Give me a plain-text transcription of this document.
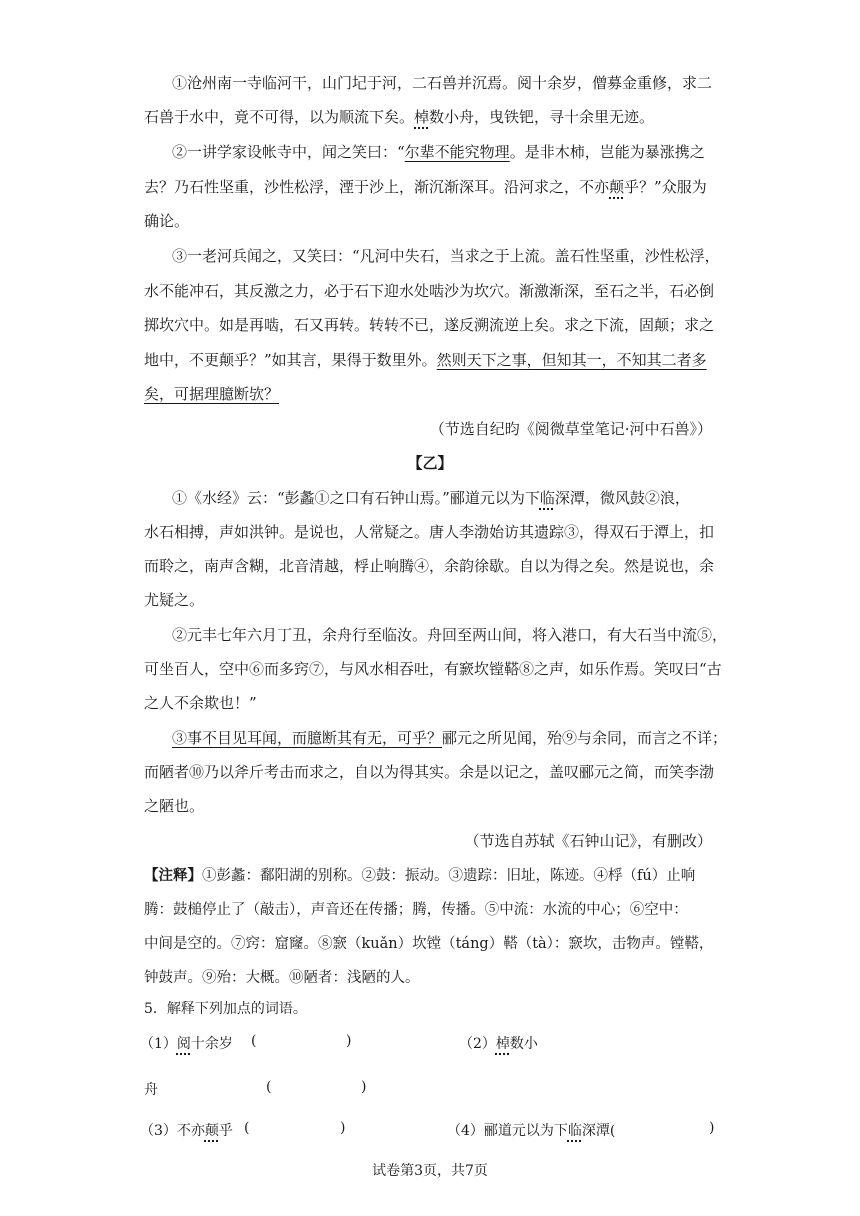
①沧州南一寺临河干，山门圮于河，二石兽并沉焉。阅十余岁，僧募金重修，求二
石兽于水中，竟不可得，以为顺流下矣。棹数小舟，曳铁钯，寻十余里无迹。
②一讲学家设帐寺中，闻之笑曰：“尔辈不能究物理。是非木柿，岂能为暴涨携之
去？乃石性坚重，沙性松浮，湮于沙上，渐沉渐深耳。沿河求之，不亦颠乎？”众服为
确论。
③一老河兵闻之，又笑曰：“凡河中失石，当求之于上流。盖石性坚重，沙性松浮，
水不能冲石，其反激之力，必于石下迎水处啮沙为坎穴。渐激渐深，至石之半，石必倒
掷坎穴中。如是再啮，石又再转。转转不已，遂反溯流逆上矣。求之下流，固颠；求之
地中，不更颠乎？”如其言，果得于数里外。然则天下之事，但知其一，不知其二者多
矣，可据理臆断欤？
（节选自纪昀《阅微草堂笔记·河中石兽》）
【乙】
①《水经》云：“彭蠡①之口有石钟山焉。”郦道元以为下临深潭，微风鼓②浪，
水石相搏，声如洪钟。是说也，人常疑之。唐人李渤始访其遗踪③，得双石于潭上，扣
而聆之，南声含糊，北音清越，桴止响腾④，余韵徐歇。自以为得之矣。然是说也，余
尤疑之。
②元丰七年六月丁丑，余舟行至临汝。舟回至两山间，将入港口，有大石当中流⑤，
可坐百人，空中⑥而多窍⑦，与风水相吞吐，有窾坎镗鞳⑧之声，如乐作焉。笑叹曰“古
之人不余欺也！”
③事不目见耳闻，而臆断其有无，可乎？郦元之所见闻，殆⑨与余同，而言之不详；
而陋者⑩乃以斧斤考击而求之，自以为得其实。余是以记之，盖叹郦元之简，而笑李渤
之陋也。
（节选自苏轼《石钟山记》，有删改）
【注释】①彭蠡：鄱阳湖的别称。②鼓：振动。③遗踪：旧址，陈迹。④桴（fú）止响
腾：鼓槌停止了（敲击），声音还在传播；腾，传播。⑤中流：水流的中心；⑥空中：
中间是空的。⑦窍：窟窿。⑧窾（kuǎn）坎镗（táng）鞳（tà）：窾坎，击物声。镗鞳，
钟鼓声。⑨殆：大概。⑩陋者：浅陋的人。
5．解释下列加点的词语。
（1）阅十余岁 (	)	（2）棹数小
舟	(	)
（3）不亦颠乎 (	)	（4）郦道元以为下临深潭(	)
试卷第3页，共7页
